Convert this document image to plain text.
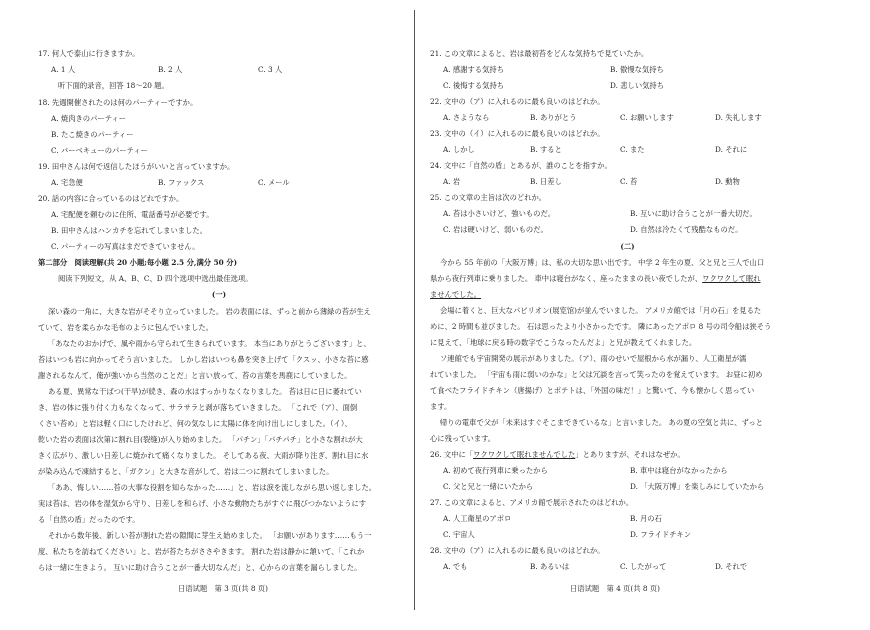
17. 何人で泰山に行きますか。
A. 1 人	B. 2 人	C. 3 人
听下面的录音，回答 18～20 题。
18. 先週開催されたのは何のパーティーですか。
A. 焼肉きのパーティー
B. たこ焼きのパーティー
C. バーベキューのパーティー
19. 田中さんは何で返信したほうがいいと言っていますか。
A. 宅急便	B. ファックス	C. メール
20. 話の内容に合っているのはどれですか。
A. 宅配便を頼むのに住所、電話番号が必要です。
B. 田中さんはハンカチを忘れてしまいました。
C. パーティーの写真はまだできていません。
第二部分　阅读理解(共 20 小题;每小题 2.5 分,满分 50 分)
阅读下列短文，从 A、B、C、D 四个选项中选出最佳选项。
(一)
深い森の一角に、大きな岩がそそり立っていました。 岩の表面には、ずっと前から薄緑の苔が生え
ていて、岩を柔らかな毛布のように包んでいました。
「あなたのおかげで、風や雨から守られて生きられています。 本当にありがとうございます」と、
苔はいつも岩に向かってそう言いました。 しかし岩はいつも鼻を突き上げて「クスッ、小さな苔に感
謝されるなんて、俺が強いから当然のことだ」と言い放って、苔の言葉を馬鹿にしていました。
ある夏、異常な干ばつ(干旱)が続き、森の水はすっかりなくなりました。 苔は日に日に萎れてい
き、岩の体に張り付く力もなくなって、サラサラと剥が落ちていきました。 「これで（ア）、面倒
くさい苔め」と岩は軽く口にしたけれど、何の気なしに太陽に体を向け出しにしました。（イ）、
乾いた岩の表面は次第に割れ目(裂缝)が入り始めました。 「パチン」「パチパチ」と小さな割れが大
きく広がり、激しい日差しに焼かれて痛くなりました。 そしてある夜、大雨が降り注ぎ、割れ目に水
が染み込んで凍結すると、「ガクン」と大きな音がして、岩は二つに割れてしまいました。
「ああ、悔しい……苔の大事な役割を知らなかった……」と、岩は涙を流しながら思い返しました。
実は苔は、岩の体を湿気から守り、日差しを和らげ、小さな動物たちがすぐに飛びつかないようにす
る「自然の盾」だったのです。
それから数年後、新しい苔が割れた岩の隙間に芽生え始めました。 「お願いがあります……もう一
度、私たちを訪ねてください」と、岩が苔たちがささやきます。 割れた岩は静かに頷いて、「これか
らは一緒に生きよう。 互いに助け合うことが一番大切なんだ」と、心からの言葉を漏らしました。
日语试题　第 3 页(共 8 页)
21. この文章によると、岩は最初苔をどんな気持ちで見ていたか。
A. 感謝する気持ち	B. 傲慢な気持ち
C. 後悔する気持ち	D. 悲しい気持ち
22. 文中の（ア）に入れるのに最も良いのはどれか。
A. さようなら	B. ありがとう	C. お願いします	D. 失礼します
23. 文中の（イ）に入れるのに最も良いのはどれか。
A. しかし	B. すると	C. また	D. それに
24. 文中に「自然の盾」とあるが、誰のことを指すか。
A. 岩	B. 日差し	C. 苔	D. 動物
25. この文章の主旨は次のどれか。
A. 苔は小さいけど、強いものだ。	B. 互いに助け合うことが一番大切だ。
C. 岩は硬いけど、弱いものだ。	D. 自然は冷たくて残酷なものだ。
(二)
今から 55 年前の「大阪万博」は、私の大切な思い出です。 中学 2 年生の夏、父と兄と三人で山口
県から夜行列車に乗りました。 車中は寝台がなく、座ったままの長い夜でしたが、ワクワクして眠れ
ませんでした。
会場に着くと、巨大なパビリオン(展览馆)が並んでいました。 アメリカ館では「月の石」を見るた
めに、2 時間も並びました。 石は思ったより小さかったです。 隣にあったアポロ 8 号の司令船は狭そう
に見えて、「地球に戻る時の数字でこうなったんだよ」と兄が教えてくれました。
ソ連館でも宇宙開発の展示がありました。（ア）、雨のせいで屋根から水が漏り、人工衛星が濡
れていました。 「宇宙も雨に弱いのかな」と父は冗談を言って笑ったのを覚えています。 お昼に初め
て食べたフライドチキン（唐揚げ）とポテトは、「外国の味だ！」と驚いて、今も懐かしく思ってい
ます。
帰りの電車で父が「未来はすぐそこまできているな」と言いました。 あの夏の空気と共に、ずっと
心に残っています。
26. 文中に「ワクワクして眠れませんでした」とありますが、それはなぜか。
A. 初めて夜行列車に乗ったから	B. 車中は寝台がなかったから
C. 父と兄と一緒にいたから	D. 「大阪万博」を楽しみにしていたから
27. この文章によると、アメリカ館で展示されたのはどれか。
A. 人工衛星のアポロ	B. 月の石
C. 宇宙人	D. フライドチキン
28. 文中の（ア）に入れるのに最も良いのはどれか。
A. でも	B. あるいは	C. したがって	D. それで
日语试题　第 4 页(共 8 页)
